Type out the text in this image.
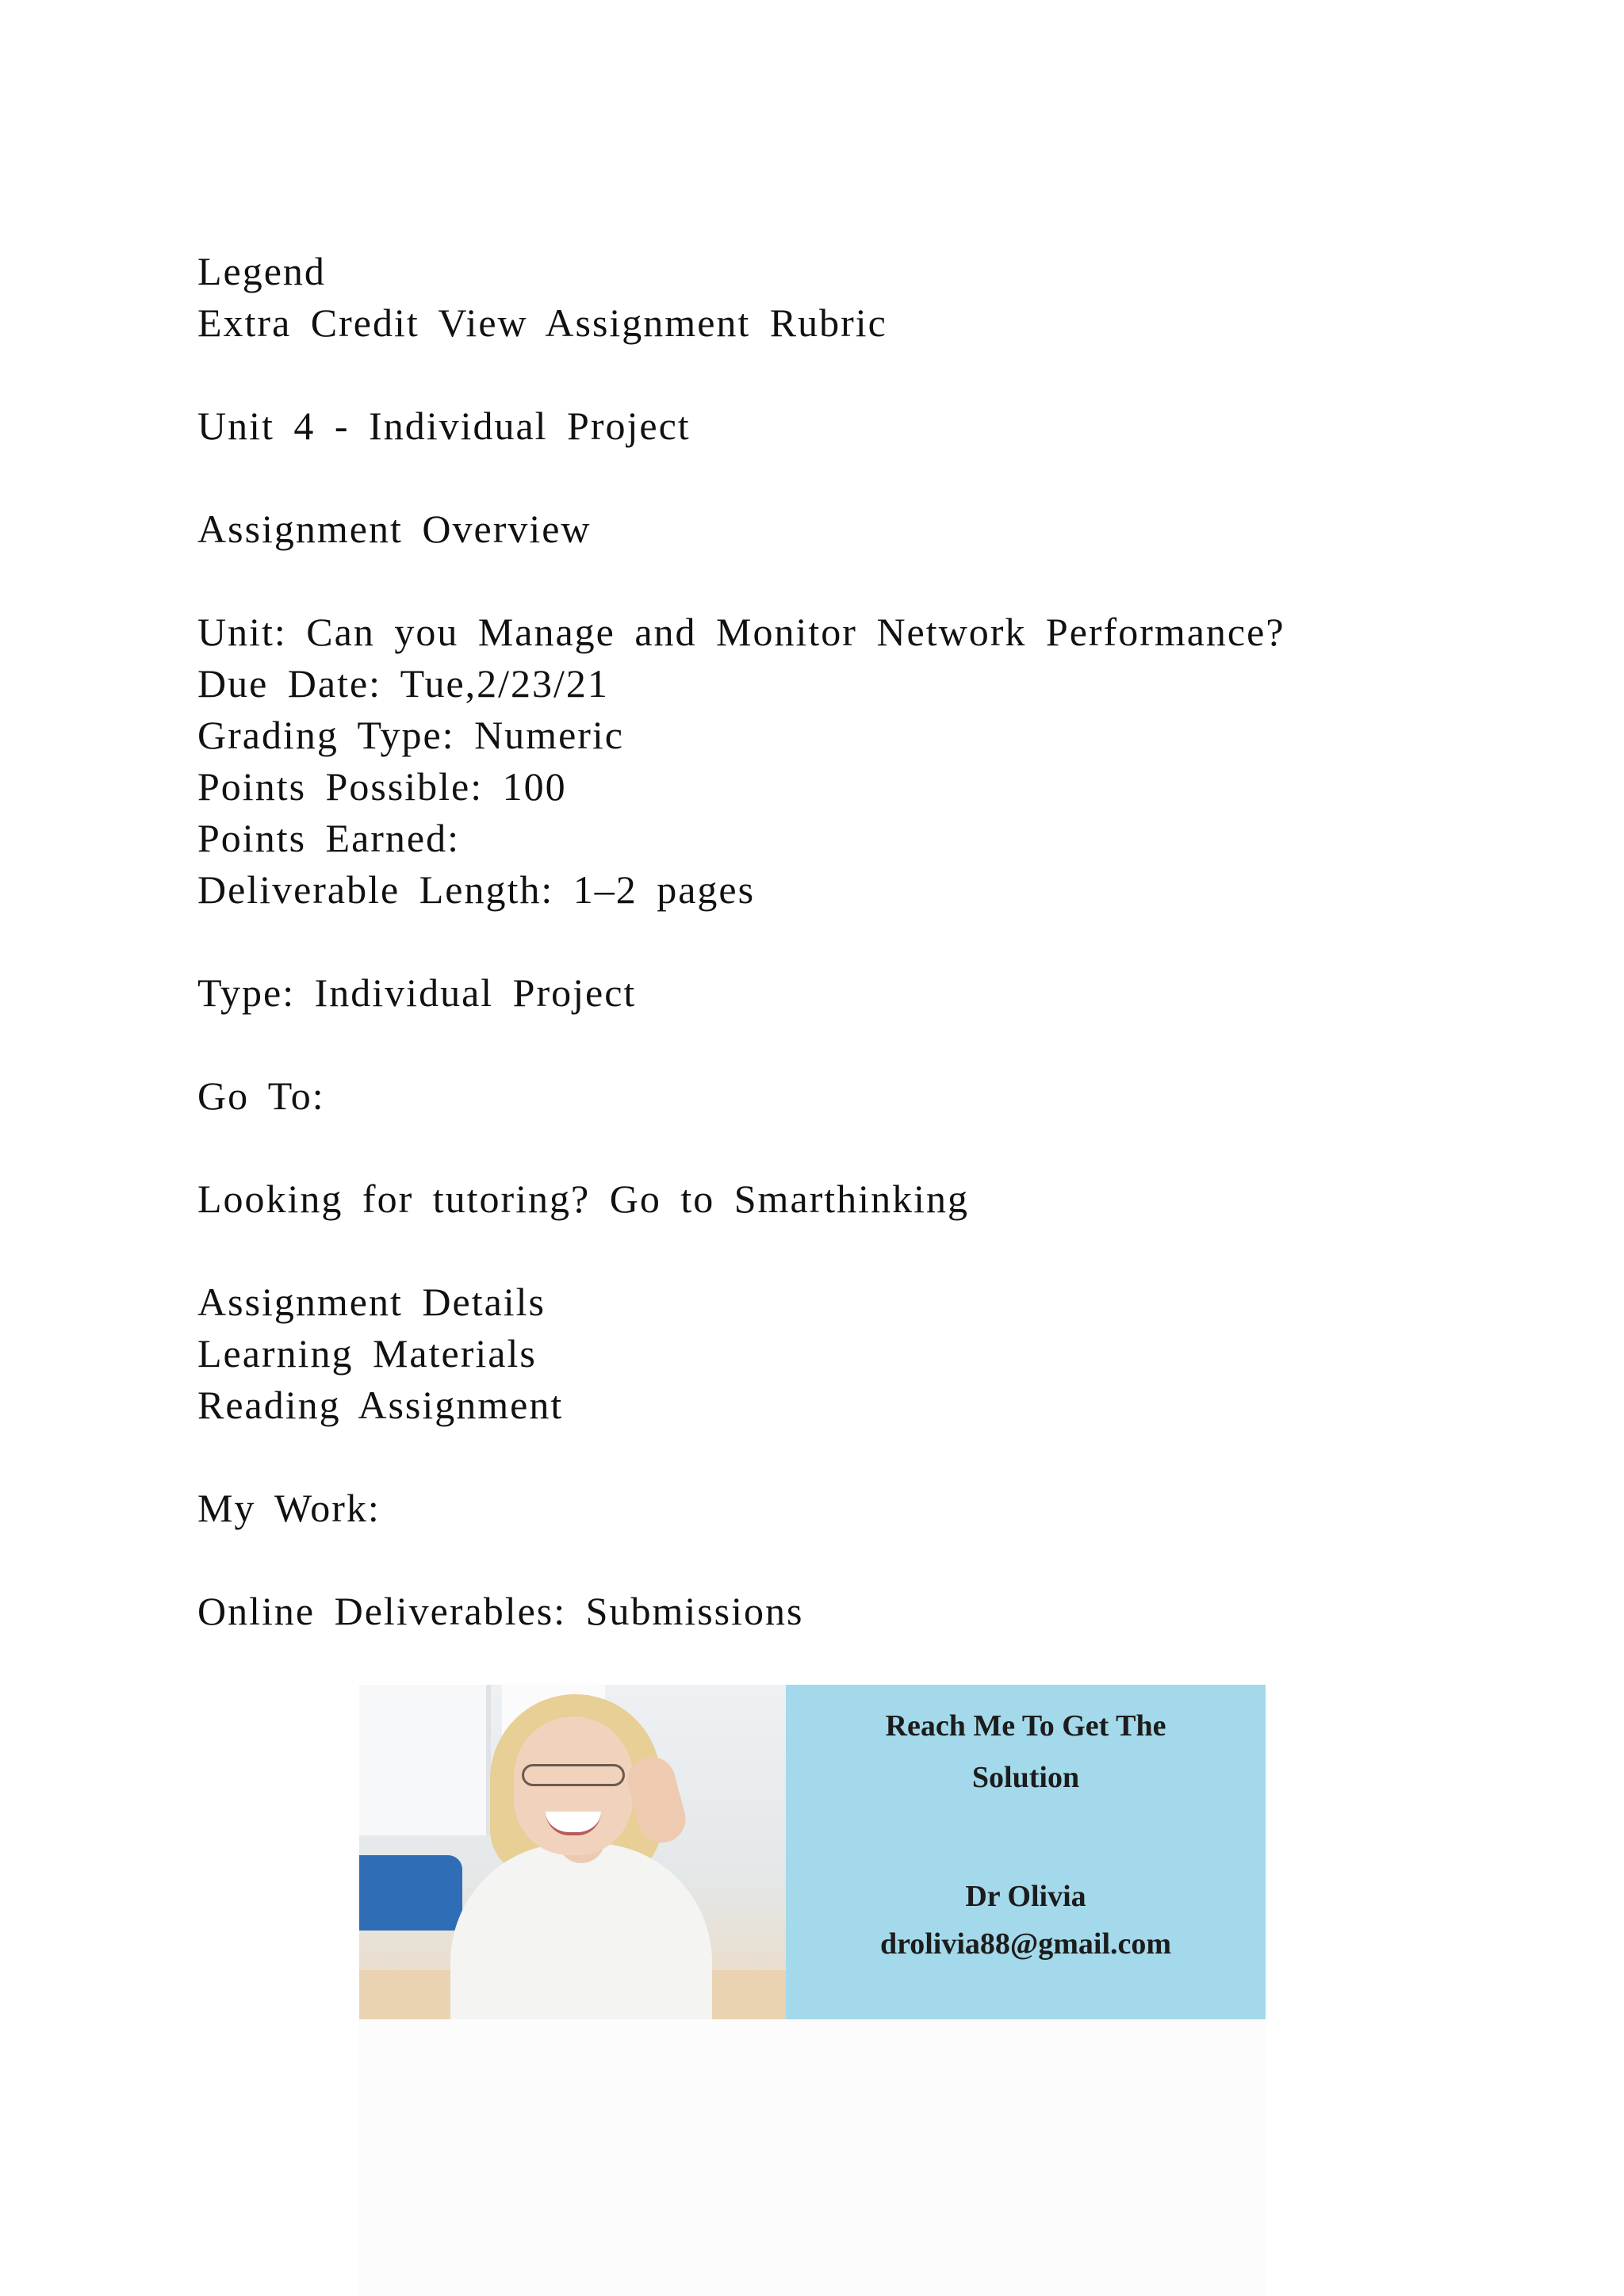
Legend
Extra Credit View Assignment Rubric
Unit 4 - Individual Project
Assignment Overview
Unit: Can you Manage and Monitor Network Performance?
Due Date: Tue,2/23/21
Grading Type: Numeric
Points Possible: 100
Points Earned:
Deliverable Length: 1–2 pages
Type: Individual Project
Go To:
Looking for tutoring? Go to Smarthinking
Assignment Details
Learning Materials
Reading Assignment
My Work:
Online Deliverables: Submissions
Reach Me To Get The
Solution
Dr Olivia
drolivia88@gmail.com
